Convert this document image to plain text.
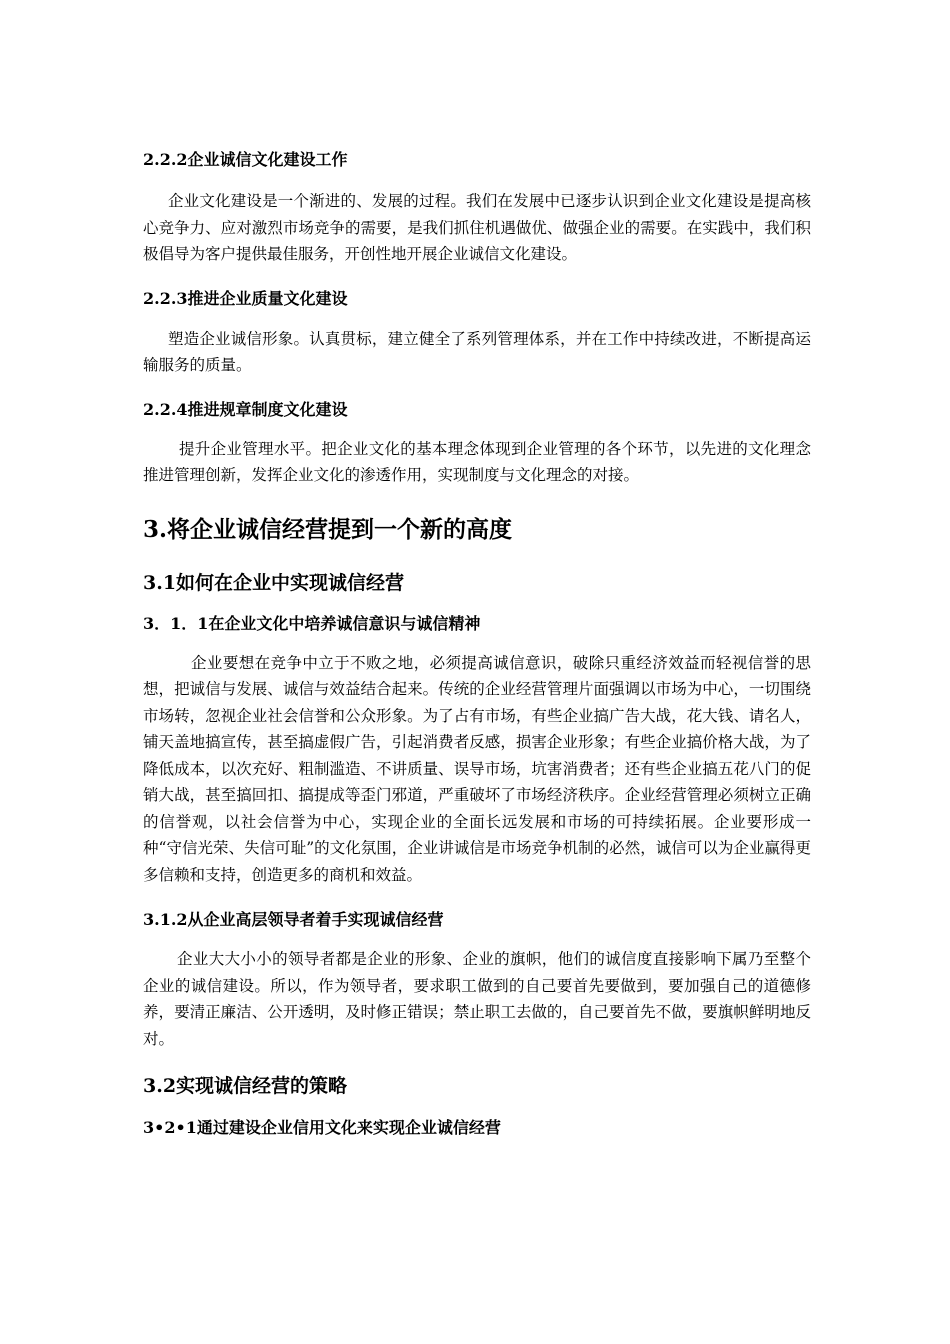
2.2.2企业诚信文化建设工作
企业文化建设是一个渐进的、发展的过程。我们在发展中已逐步认识到企业文化建设是提高核心竞争力、应对激烈市场竞争的需要，是我们抓住机遇做优、做强企业的需要。在实践中，我们积极倡导为客户提供最佳服务，开创性地开展企业诚信文化建设。
2.2.3推进企业质量文化建设
塑造企业诚信形象。认真贯标，建立健全了系列管理体系，并在工作中持续改进，不断提高运输服务的质量。
2.2.4推进规章制度文化建设
提升企业管理水平。把企业文化的基本理念体现到企业管理的各个环节，以先进的文化理念推进管理创新，发挥企业文化的渗透作用，实现制度与文化理念的对接。
3.将企业诚信经营提到一个新的高度
3.1如何在企业中实现诚信经营
3．1．1在企业文化中培养诚信意识与诚信精神
企业要想在竞争中立于不败之地，必须提高诚信意识，破除只重经济效益而轻视信誉的思想，把诚信与发展、诚信与效益结合起来。传统的企业经营管理片面强调以市场为中心，一切围绕市场转，忽视企业社会信誉和公众形象。为了占有市场，有些企业搞广告大战，花大钱、请名人，铺天盖地搞宣传，甚至搞虚假广告，引起消费者反感，损害企业形象；有些企业搞价格大战，为了降低成本，以次充好、粗制滥造、不讲质量、误导市场，坑害消费者；还有些企业搞五花八门的促销大战，甚至搞回扣、搞提成等歪门邪道，严重破坏了市场经济秩序。企业经营管理必须树立正确的信誉观，以社会信誉为中心，实现企业的全面长远发展和市场的可持续拓展。企业要形成一种“守信光荣、失信可耻”的文化氛围，企业讲诚信是市场竞争机制的必然，诚信可以为企业赢得更多信赖和支持，创造更多的商机和效益。
3.1.2从企业高层领导者着手实现诚信经营
企业大大小小的领导者都是企业的形象、企业的旗帜，他们的诚信度直接影响下属乃至整个企业的诚信建设。所以，作为领导者，要求职工做到的自己要首先要做到，要加强自己的道德修养，要清正廉洁、公开透明，及时修正错误；禁止职工去做的，自己要首先不做，要旗帜鲜明地反对。
3.2实现诚信经营的策略
3•2•1通过建设企业信用文化来实现企业诚信经营
